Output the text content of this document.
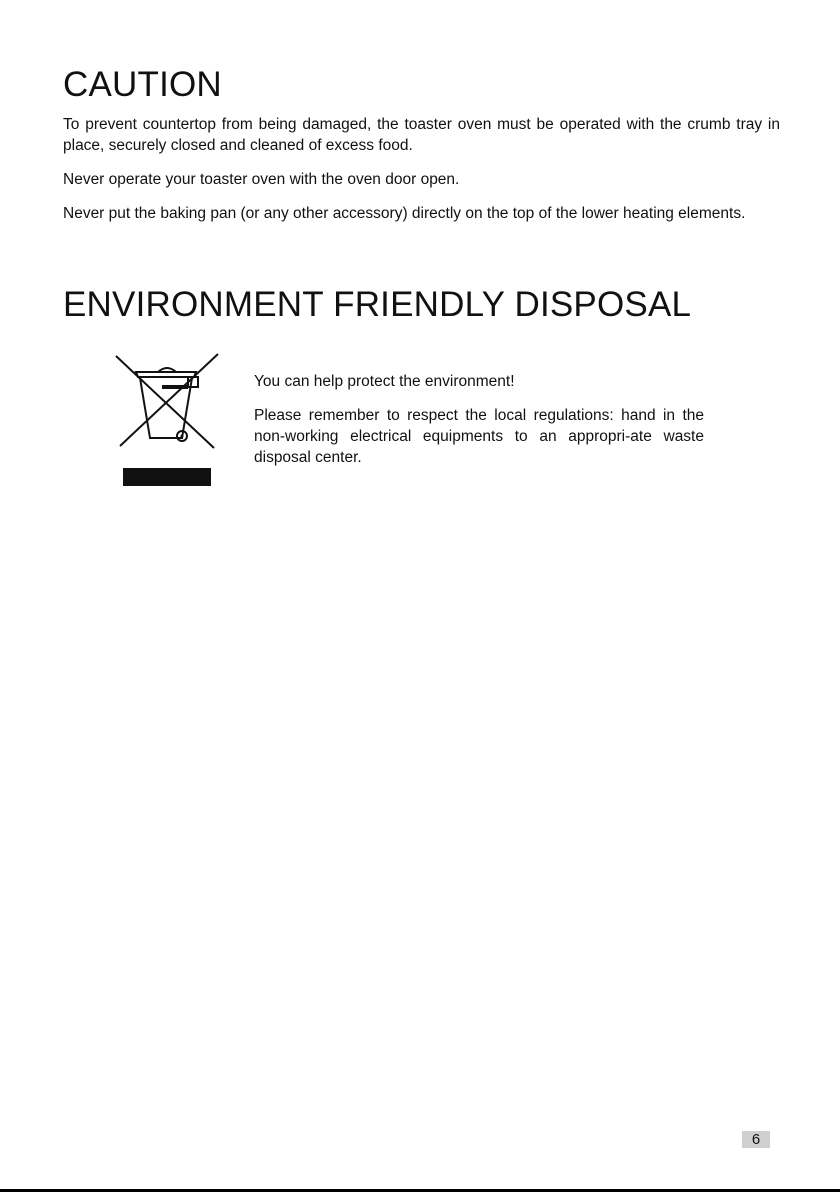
CAUTION

To prevent countertop from being damaged, the toaster oven must be operated with the crumb tray in place, securely closed and cleaned of excess food.

Never operate your toaster oven with the oven door open.

Never put the baking pan (or any other accessory) directly on the top of the lower heating elements.

ENVIRONMENT FRIENDLY DISPOSAL

You can help protect the environment!

Please remember to respect the local regulations: hand in the non-working electrical equipments to an appropri-ate waste disposal center.

6
